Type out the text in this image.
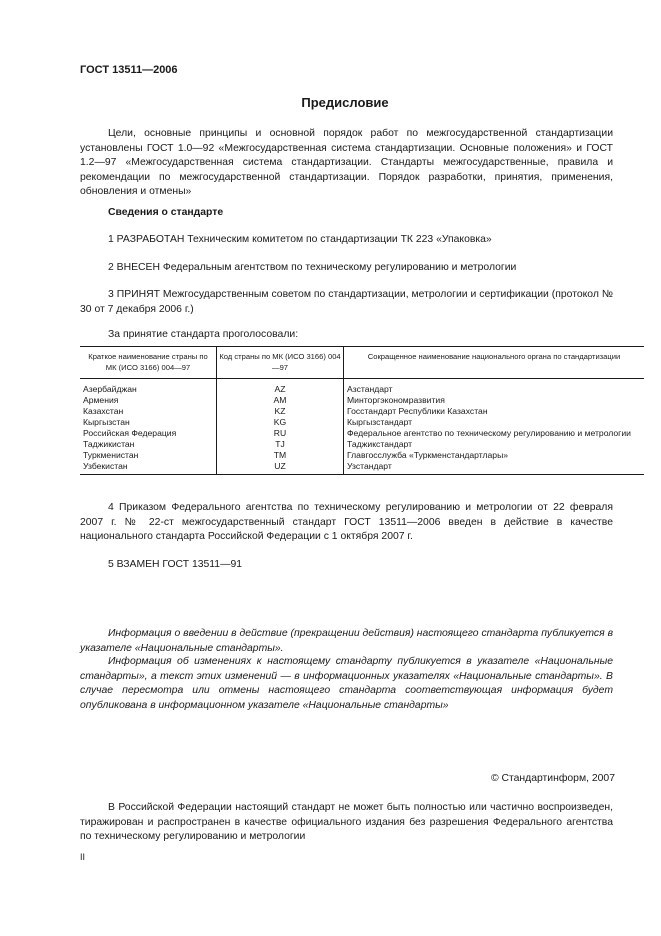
ГОСТ 13511—2006
Предисловие
Цели, основные принципы и основной порядок работ по межгосударственной стандартизации установлены ГОСТ 1.0—92 «Межгосударственная система стандартизации. Основные положения» и ГОСТ 1.2—97 «Межгосударственная система стандартизации. Стандарты межгосударственные, правила и рекомендации по межгосударственной стандартизации. Порядок разработки, принятия, применения, обновления и отмены»
Сведения о стандарте
1 РАЗРАБОТАН Техническим комитетом по стандартизации ТК 223 «Упаковка»
2 ВНЕСЕН Федеральным агентством по техническому регулированию и метрологии
3 ПРИНЯТ Межгосударственным советом по стандартизации, метрологии и сертификации (протокол № 30 от 7 декабря 2006 г.)
За принятие стандарта проголосовали:
Краткое наименование страны по МК (ИСО 3166) 004—97	Код страны по МК (ИСО 3166) 004—97	Сокращенное наименование национального органа по стандартизации
Азербайджан	AZ	Азстандарт
Армения	AM	Минторгэкономразвития
Казахстан	KZ	Госстандарт Республики Казахстан
Кыргызстан	KG	Кыргызстандарт
Российская Федерация	RU	Федеральное агентство по техническому регулированию и метрологии
Таджикистан	TJ	Таджикстандарт
Туркменистан	TM	Главгосслужба «Туркменстандартлары»
Узбекистан	UZ	Узстандарт
4 Приказом Федерального агентства по техническому регулированию и метрологии от 22 февраля 2007 г. № 22-ст межгосударственный стандарт ГОСТ 13511—2006 введен в действие в качестве национального стандарта Российской Федерации с 1 октября 2007 г.
5 ВЗАМЕН ГОСТ 13511—91
Информация о введении в действие (прекращении действия) настоящего стандарта публикуется в указателе «Национальные стандарты».
Информация об изменениях к настоящему стандарту публикуется в указателе «Национальные стандарты», а текст этих изменений — в информационных указателях «Национальные стандарты». В случае пересмотра или отмены настоящего стандарта соответствующая информация будет опубликована в информационном указателе «Национальные стандарты»
© Стандартинформ, 2007
В Российской Федерации настоящий стандарт не может быть полностью или частично воспроизведен, тиражирован и распространен в качестве официального издания без разрешения Федерального агентства по техническому регулированию и метрологии
II
